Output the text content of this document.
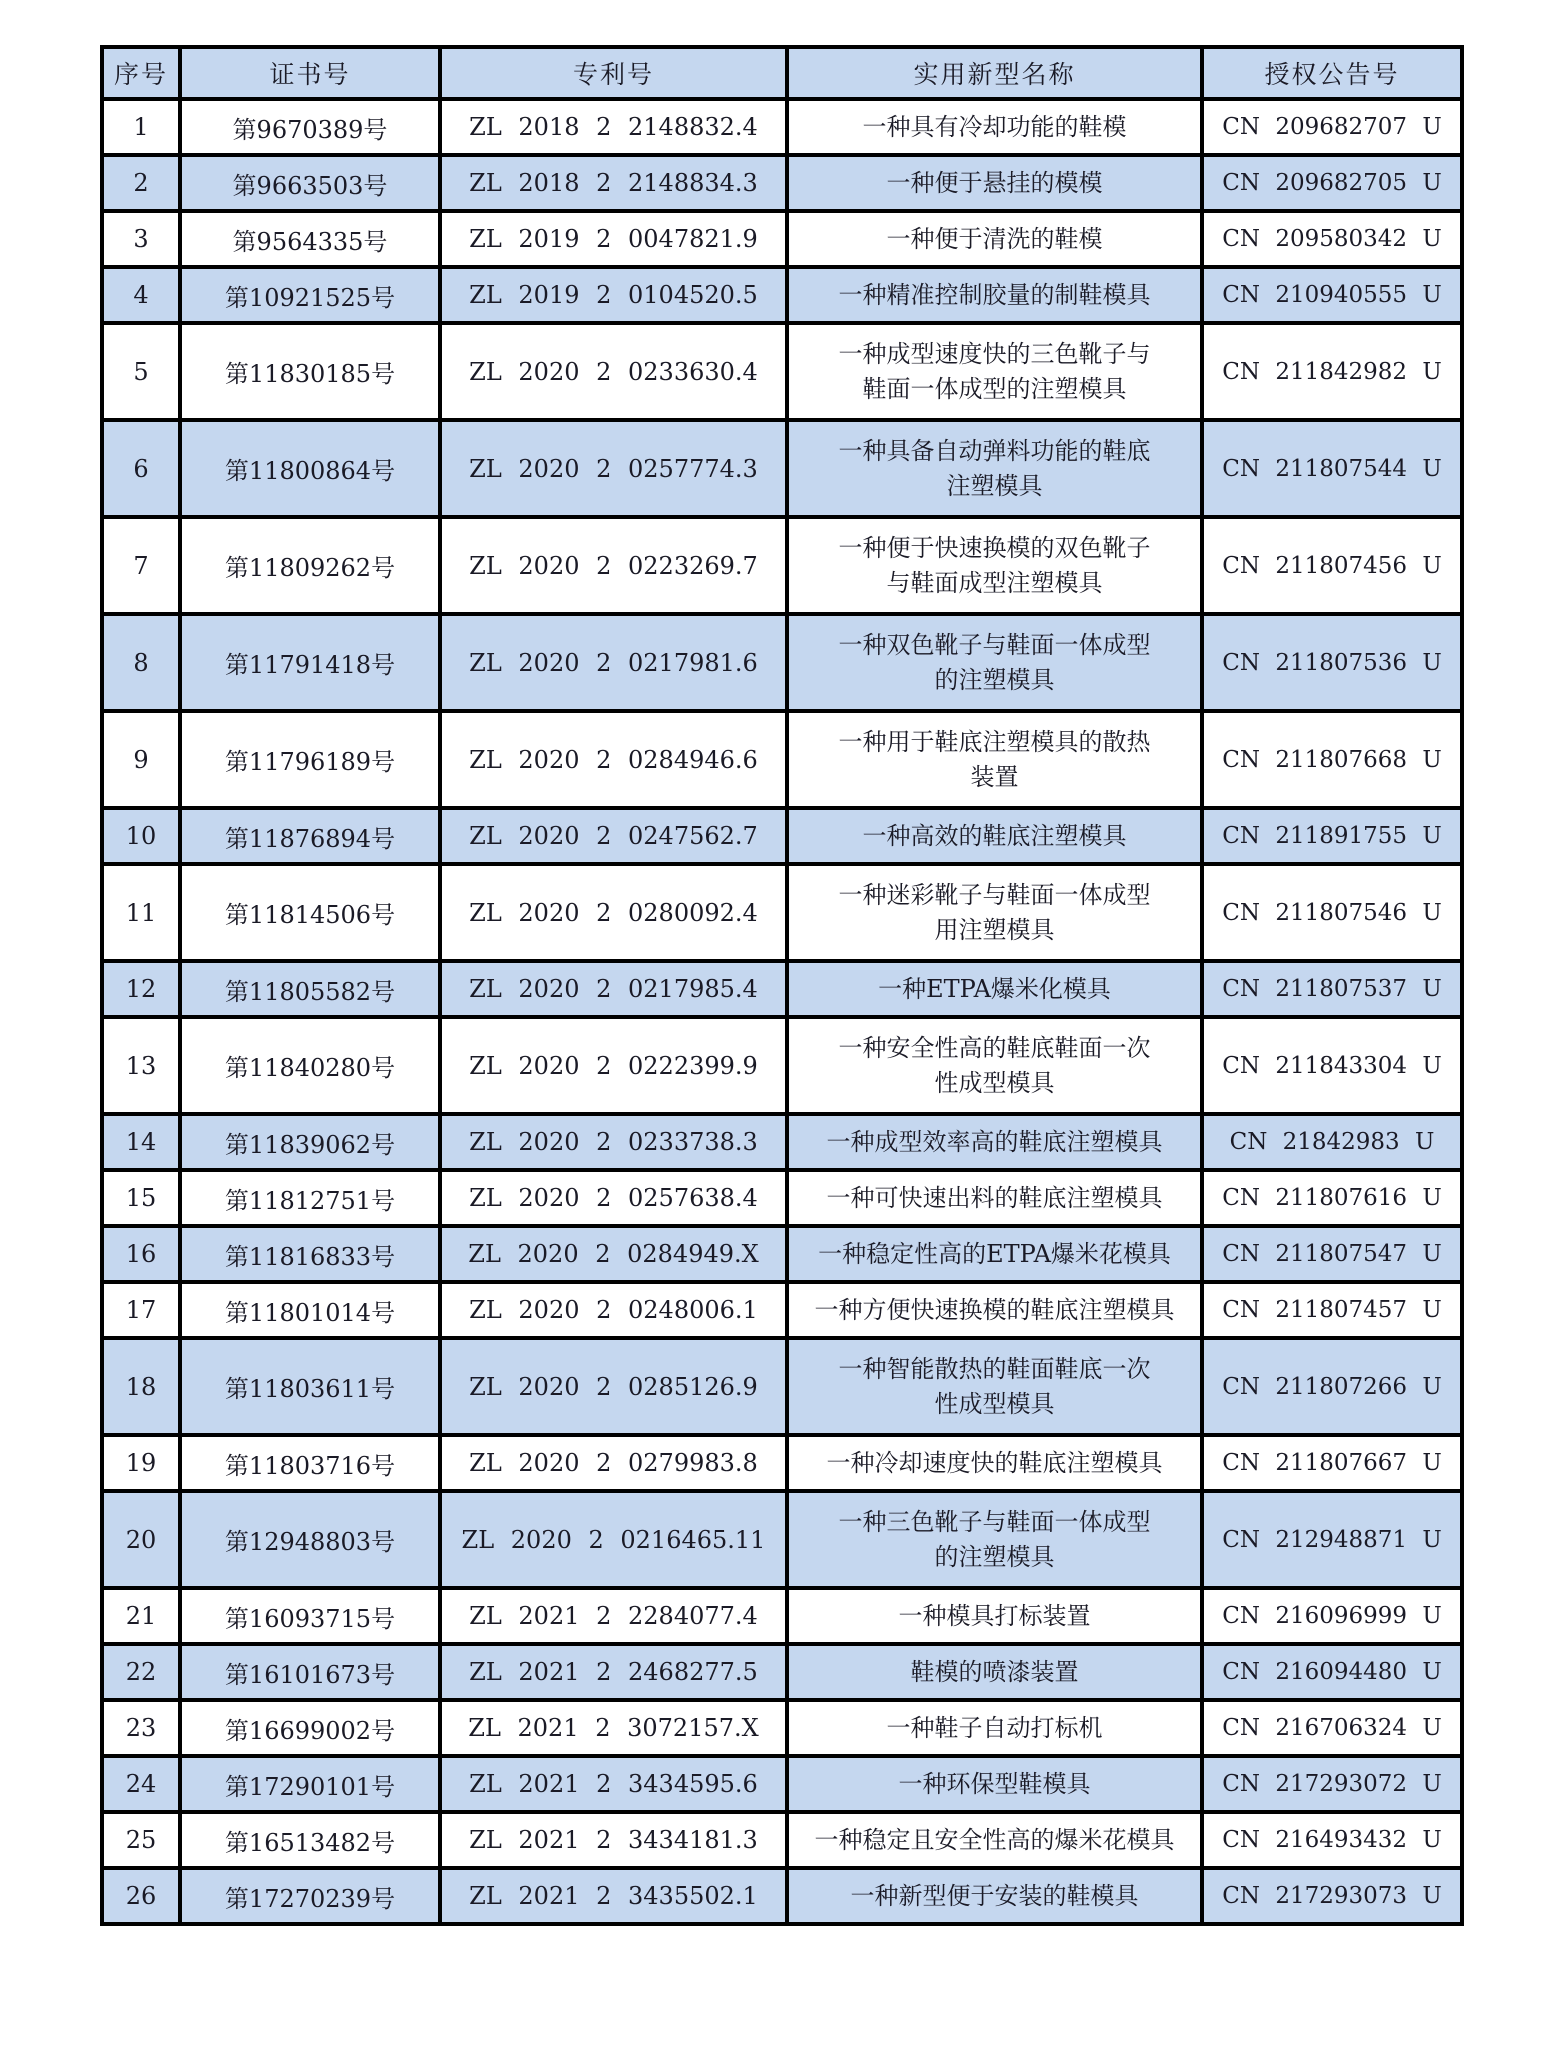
序号	证书号	专利号	实用新型名称	授权公告号
1	第9670389号	ZL 2018 2 2148832.4	一种具有冷却功能的鞋模	CN 209682707 U
2	第9663503号	ZL 2018 2 2148834.3	一种便于悬挂的模模	CN 209682705 U
3	第9564335号	ZL 2019 2 0047821.9	一种便于清洗的鞋模	CN 209580342 U
4	第10921525号	ZL 2019 2 0104520.5	一种精准控制胶量的制鞋模具	CN 210940555 U
5	第11830185号	ZL 2020 2 0233630.4	一种成型速度快的三色靴子与
鞋面一体成型的注塑模具	CN 211842982 U
6	第11800864号	ZL 2020 2 0257774.3	一种具备自动弹料功能的鞋底
注塑模具	CN 211807544 U
7	第11809262号	ZL 2020 2 0223269.7	一种便于快速换模的双色靴子
与鞋面成型注塑模具	CN 211807456 U
8	第11791418号	ZL 2020 2 0217981.6	一种双色靴子与鞋面一体成型
的注塑模具	CN 211807536 U
9	第11796189号	ZL 2020 2 0284946.6	一种用于鞋底注塑模具的散热
装置	CN 211807668 U
10	第11876894号	ZL 2020 2 0247562.7	一种高效的鞋底注塑模具	CN 211891755 U
11	第11814506号	ZL 2020 2 0280092.4	一种迷彩靴子与鞋面一体成型
用注塑模具	CN 211807546 U
12	第11805582号	ZL 2020 2 0217985.4	一种ETPA爆米化模具	CN 211807537 U
13	第11840280号	ZL 2020 2 0222399.9	一种安全性高的鞋底鞋面一次
性成型模具	CN 211843304 U
14	第11839062号	ZL 2020 2 0233738.3	一种成型效率高的鞋底注塑模具	CN 21842983 U
15	第11812751号	ZL 2020 2 0257638.4	一种可快速出料的鞋底注塑模具	CN 211807616 U
16	第11816833号	ZL 2020 2 0284949.X	一种稳定性高的ETPA爆米花模具	CN 211807547 U
17	第11801014号	ZL 2020 2 0248006.1	一种方便快速换模的鞋底注塑模具	CN 211807457 U
18	第11803611号	ZL 2020 2 0285126.9	一种智能散热的鞋面鞋底一次
性成型模具	CN 211807266 U
19	第11803716号	ZL 2020 2 0279983.8	一种冷却速度快的鞋底注塑模具	CN 211807667 U
20	第12948803号	ZL 2020 2 0216465.11	一种三色靴子与鞋面一体成型
的注塑模具	CN 212948871 U
21	第16093715号	ZL 2021 2 2284077.4	一种模具打标装置	CN 216096999 U
22	第16101673号	ZL 2021 2 2468277.5	鞋模的喷漆装置	CN 216094480 U
23	第16699002号	ZL 2021 2 3072157.X	一种鞋子自动打标机	CN 216706324 U
24	第17290101号	ZL 2021 2 3434595.6	一种环保型鞋模具	CN 217293072 U
25	第16513482号	ZL 2021 2 3434181.3	一种稳定且安全性高的爆米花模具	CN 216493432 U
26	第17270239号	ZL 2021 2 3435502.1	一种新型便于安装的鞋模具	CN 217293073 U
